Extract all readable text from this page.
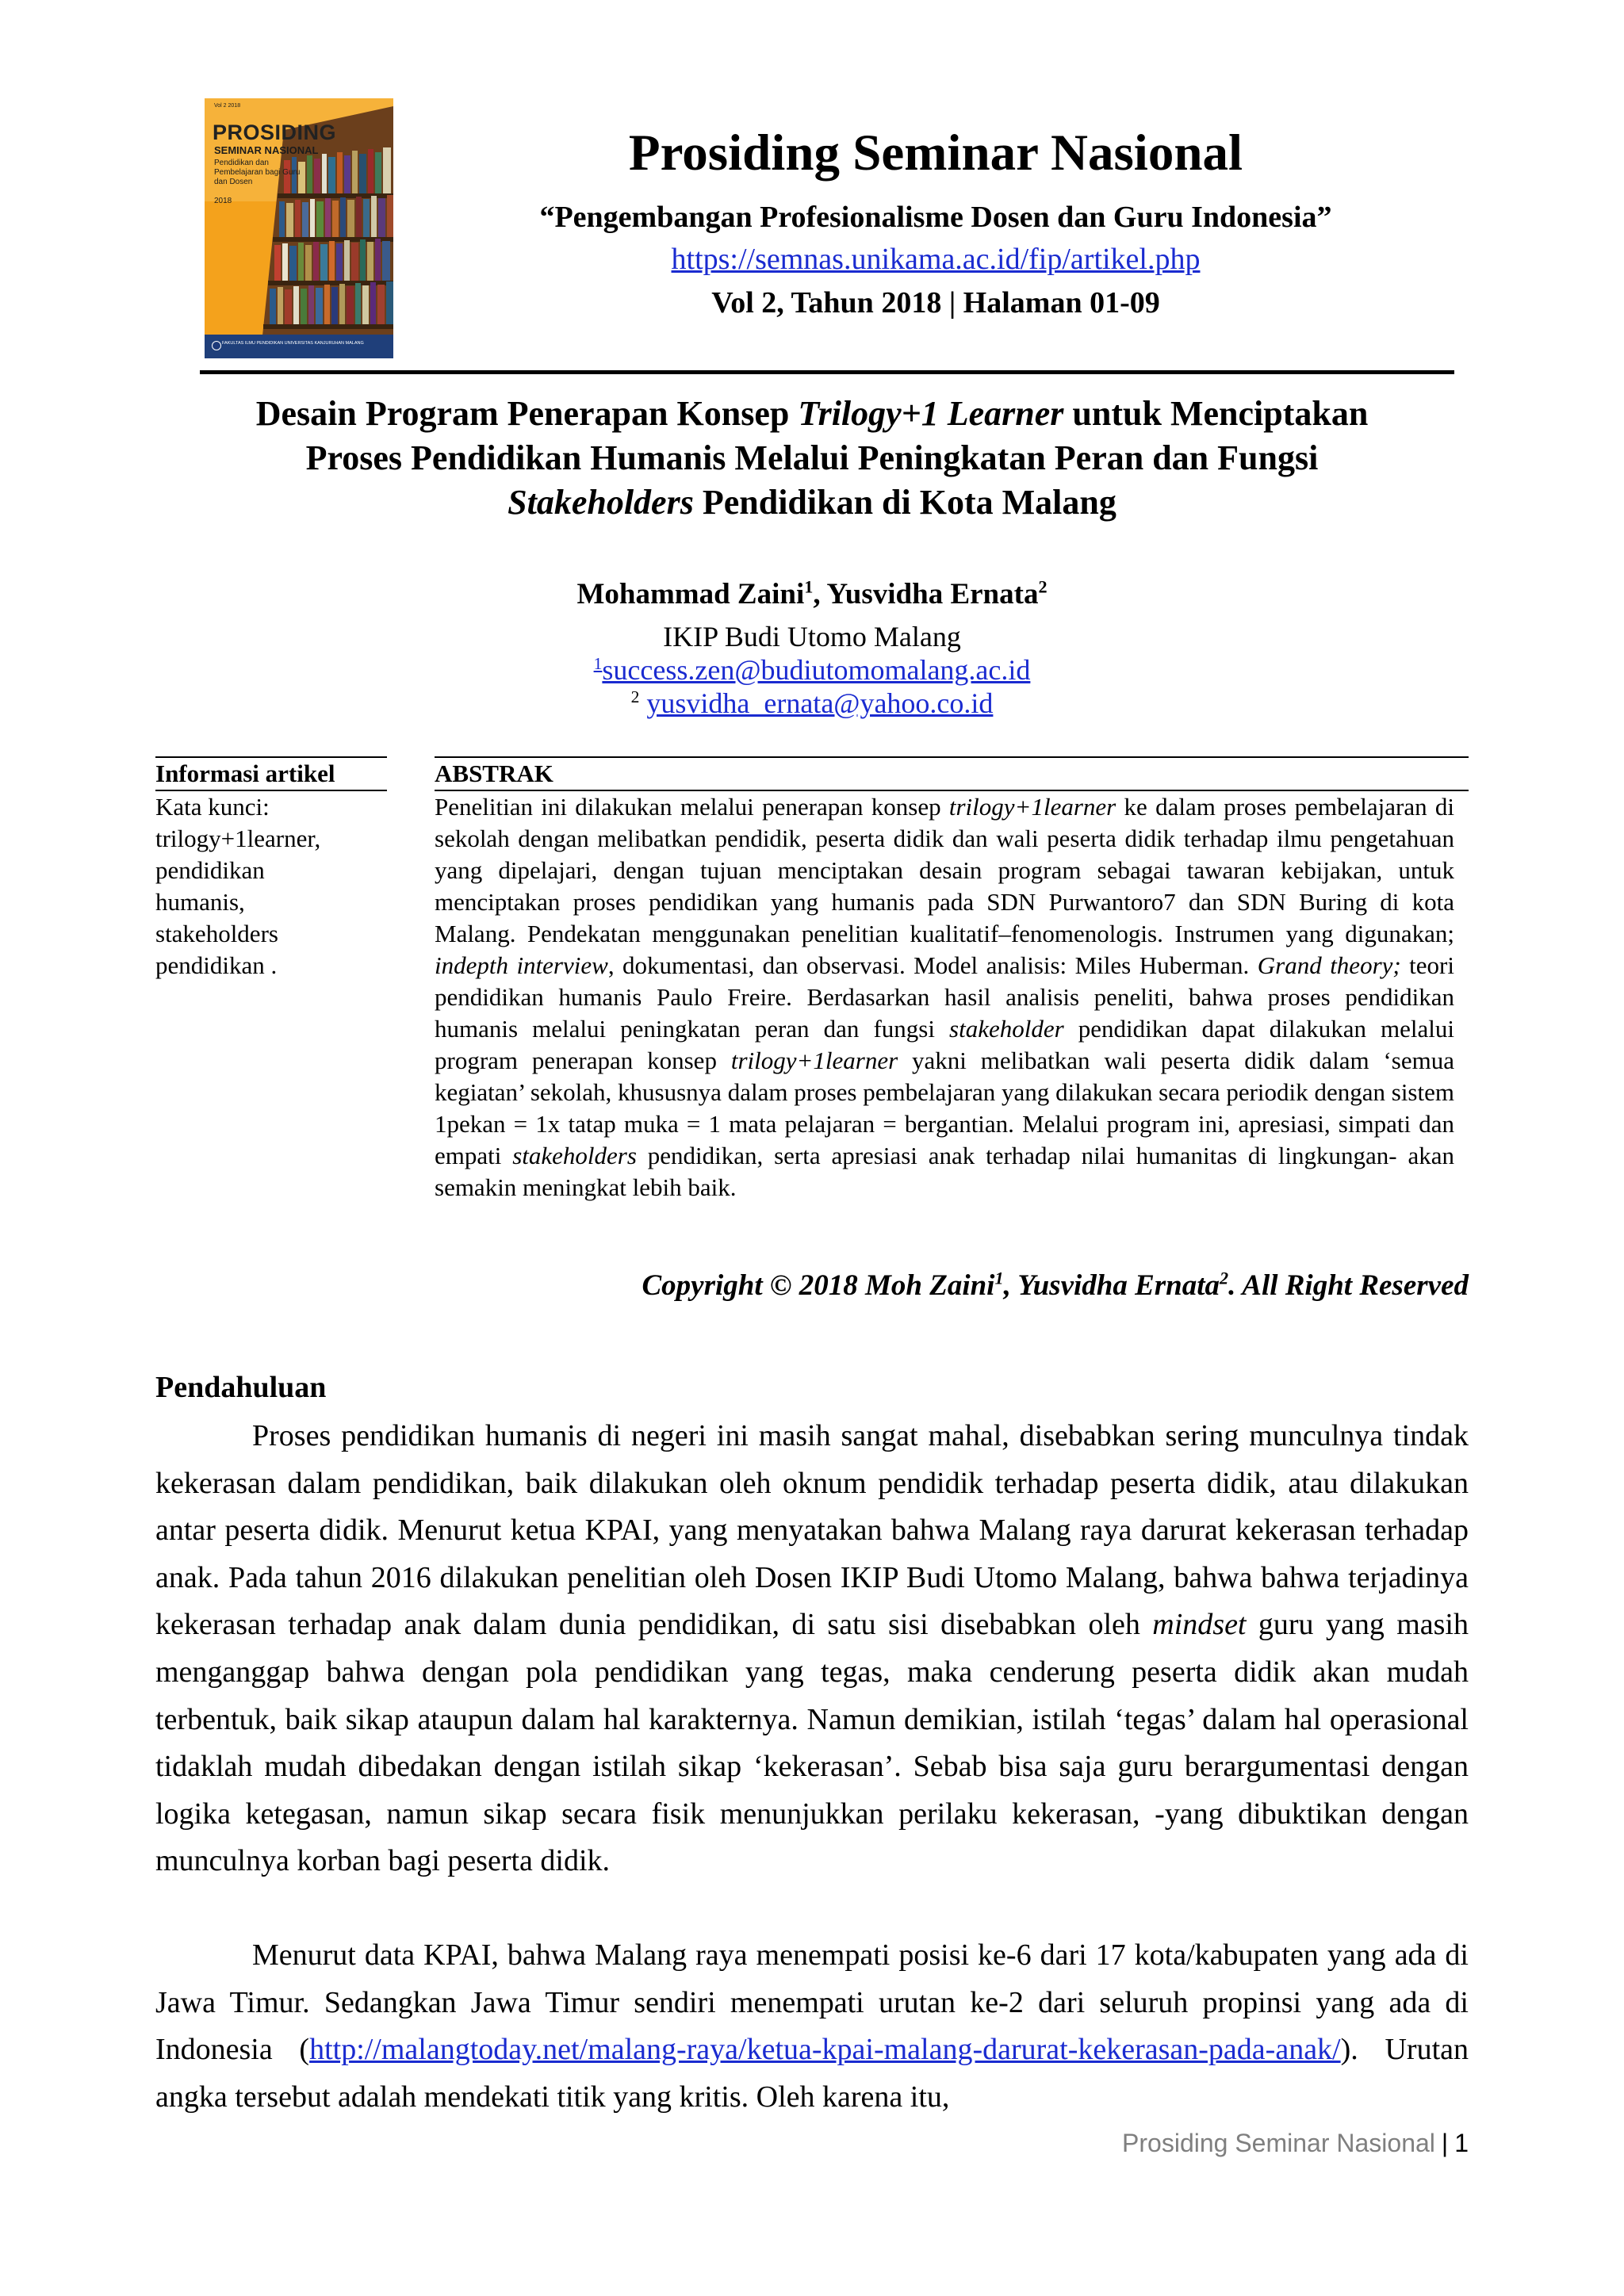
Vol 2 2018
PROSIDING
SEMINAR NASIONAL
Pendidikan dan Pembelajaran bagi Guru dan Dosen
2018
FAKULTAS ILMU PENDIDIKAN UNIVERSITAS KANJURUHAN MALANG
Prosiding Seminar Nasional
“Pengembangan Profesionalisme Dosen dan Guru Indonesia”
https://semnas.unikama.ac.id/fip/artikel.php
Vol 2, Tahun 2018 | Halaman 01-09
Desain Program Penerapan Konsep Trilogy+1 Learner untuk Menciptakan
Proses Pendidikan Humanis Melalui Peningkatan Peran dan Fungsi
Stakeholders Pendidikan di Kota Malang
Mohammad Zaini$^1$, Yusvidha Ernata$^2$
IKIP Budi Utomo Malang
$^1$success.zen@budiutomomalang.ac.id
$^2$ yusvidha_ernata@yahoo.co.id
Informasi artikel
Kata kunci:
trilogy+1learner,
pendidikan
humanis,
stakeholders
pendidikan .
ABSTRAK
Penelitian ini dilakukan melalui penerapan konsep trilogy+1learner ke dalam proses pembelajaran di sekolah dengan melibatkan pendidik, peserta didik dan wali peserta didik terhadap ilmu pengetahuan yang dipelajari, dengan tujuan menciptakan desain program sebagai tawaran kebijakan, untuk menciptakan proses pendidikan yang humanis pada SDN Purwantoro7 dan SDN Buring di kota Malang. Pendekatan menggunakan penelitian kualitatif–fenomenologis. Instrumen yang digunakan; indepth interview, dokumentasi, dan observasi. Model analisis: Miles Huberman. Grand theory; teori pendidikan humanis Paulo Freire. Berdasarkan hasil analisis peneliti, bahwa proses pendidikan humanis melalui peningkatan peran dan fungsi stakeholder pendidikan dapat dilakukan melalui program penerapan konsep trilogy+1learner yakni melibatkan wali peserta didik dalam ‘semua kegiatan’ sekolah, khususnya dalam proses pembelajaran yang dilakukan secara periodik dengan sistem 1pekan = 1x tatap muka = 1 mata pelajaran = bergantian. Melalui program ini, apresiasi, simpati dan empati stakeholders pendidikan, serta apresiasi anak terhadap nilai humanitas di lingkungan- akan semakin meningkat lebih baik.
Copyright © 2018 Moh Zaini$^1$, Yusvidha Ernata$^2$. All Right Reserved
Pendahuluan

Proses pendidikan humanis di negeri ini masih sangat mahal, disebabkan sering munculnya tindak kekerasan dalam pendidikan, baik dilakukan oleh oknum pendidik terhadap peserta didik, atau dilakukan antar peserta didik. Menurut ketua KPAI, yang menyatakan bahwa Malang raya darurat kekerasan terhadap anak. Pada tahun 2016 dilakukan penelitian oleh Dosen IKIP Budi Utomo Malang, bahwa bahwa terjadinya kekerasan terhadap anak dalam dunia pendidikan, di satu sisi disebabkan oleh mindset guru yang masih menganggap bahwa dengan pola pendidikan yang tegas, maka cenderung peserta didik akan mudah terbentuk, baik sikap ataupun dalam hal karakternya. Namun demikian, istilah ‘tegas’ dalam hal operasional tidaklah mudah dibedakan dengan istilah sikap ‘kekerasan’. Sebab bisa saja guru berargumentasi dengan logika ketegasan, namun sikap secara fisik menunjukkan perilaku kekerasan, -yang dibuktikan dengan munculnya korban bagi peserta didik.

Menurut data KPAI, bahwa Malang raya menempati posisi ke-6 dari 17 kota/kabupaten yang ada di Jawa Timur. Sedangkan Jawa Timur sendiri menempati urutan ke-2 dari seluruh propinsi yang ada di Indonesia (http://malangtoday.net/malang-raya/ketua-kpai-malang-darurat-kekerasan-pada-anak/). Urutan angka tersebut adalah mendekati titik yang kritis. Oleh karena itu,

Prosiding Seminar Nasional | 1
